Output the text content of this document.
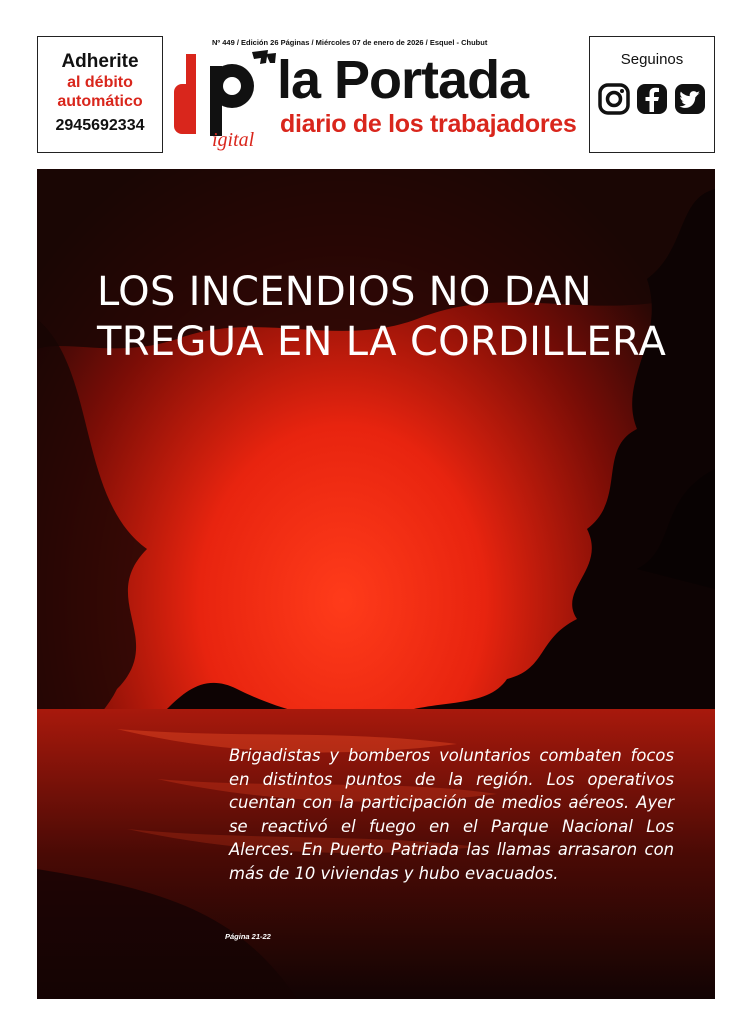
Adherite
al débito
automático
2945692334
Nº 449 / Edición 26 Páginas / Miércoles 07 de enero de 2026 / Esquel - Chubut
igital
la Portada
diario de los trabajadores
Seguinos
LOS INCENDIOS NO DAN TREGUA EN LA CORDILLERA

Brigadistas y bomberos voluntarios combaten focos en distintos puntos de la región. Los operativos cuentan con la participación de medios aéreos. Ayer se reactivó el fuego en el Parque Nacional Los Alerces. En Puerto Patriada las llamas arrasaron con más de 10 viviendas y hubo evacuados.

Página 21-22
